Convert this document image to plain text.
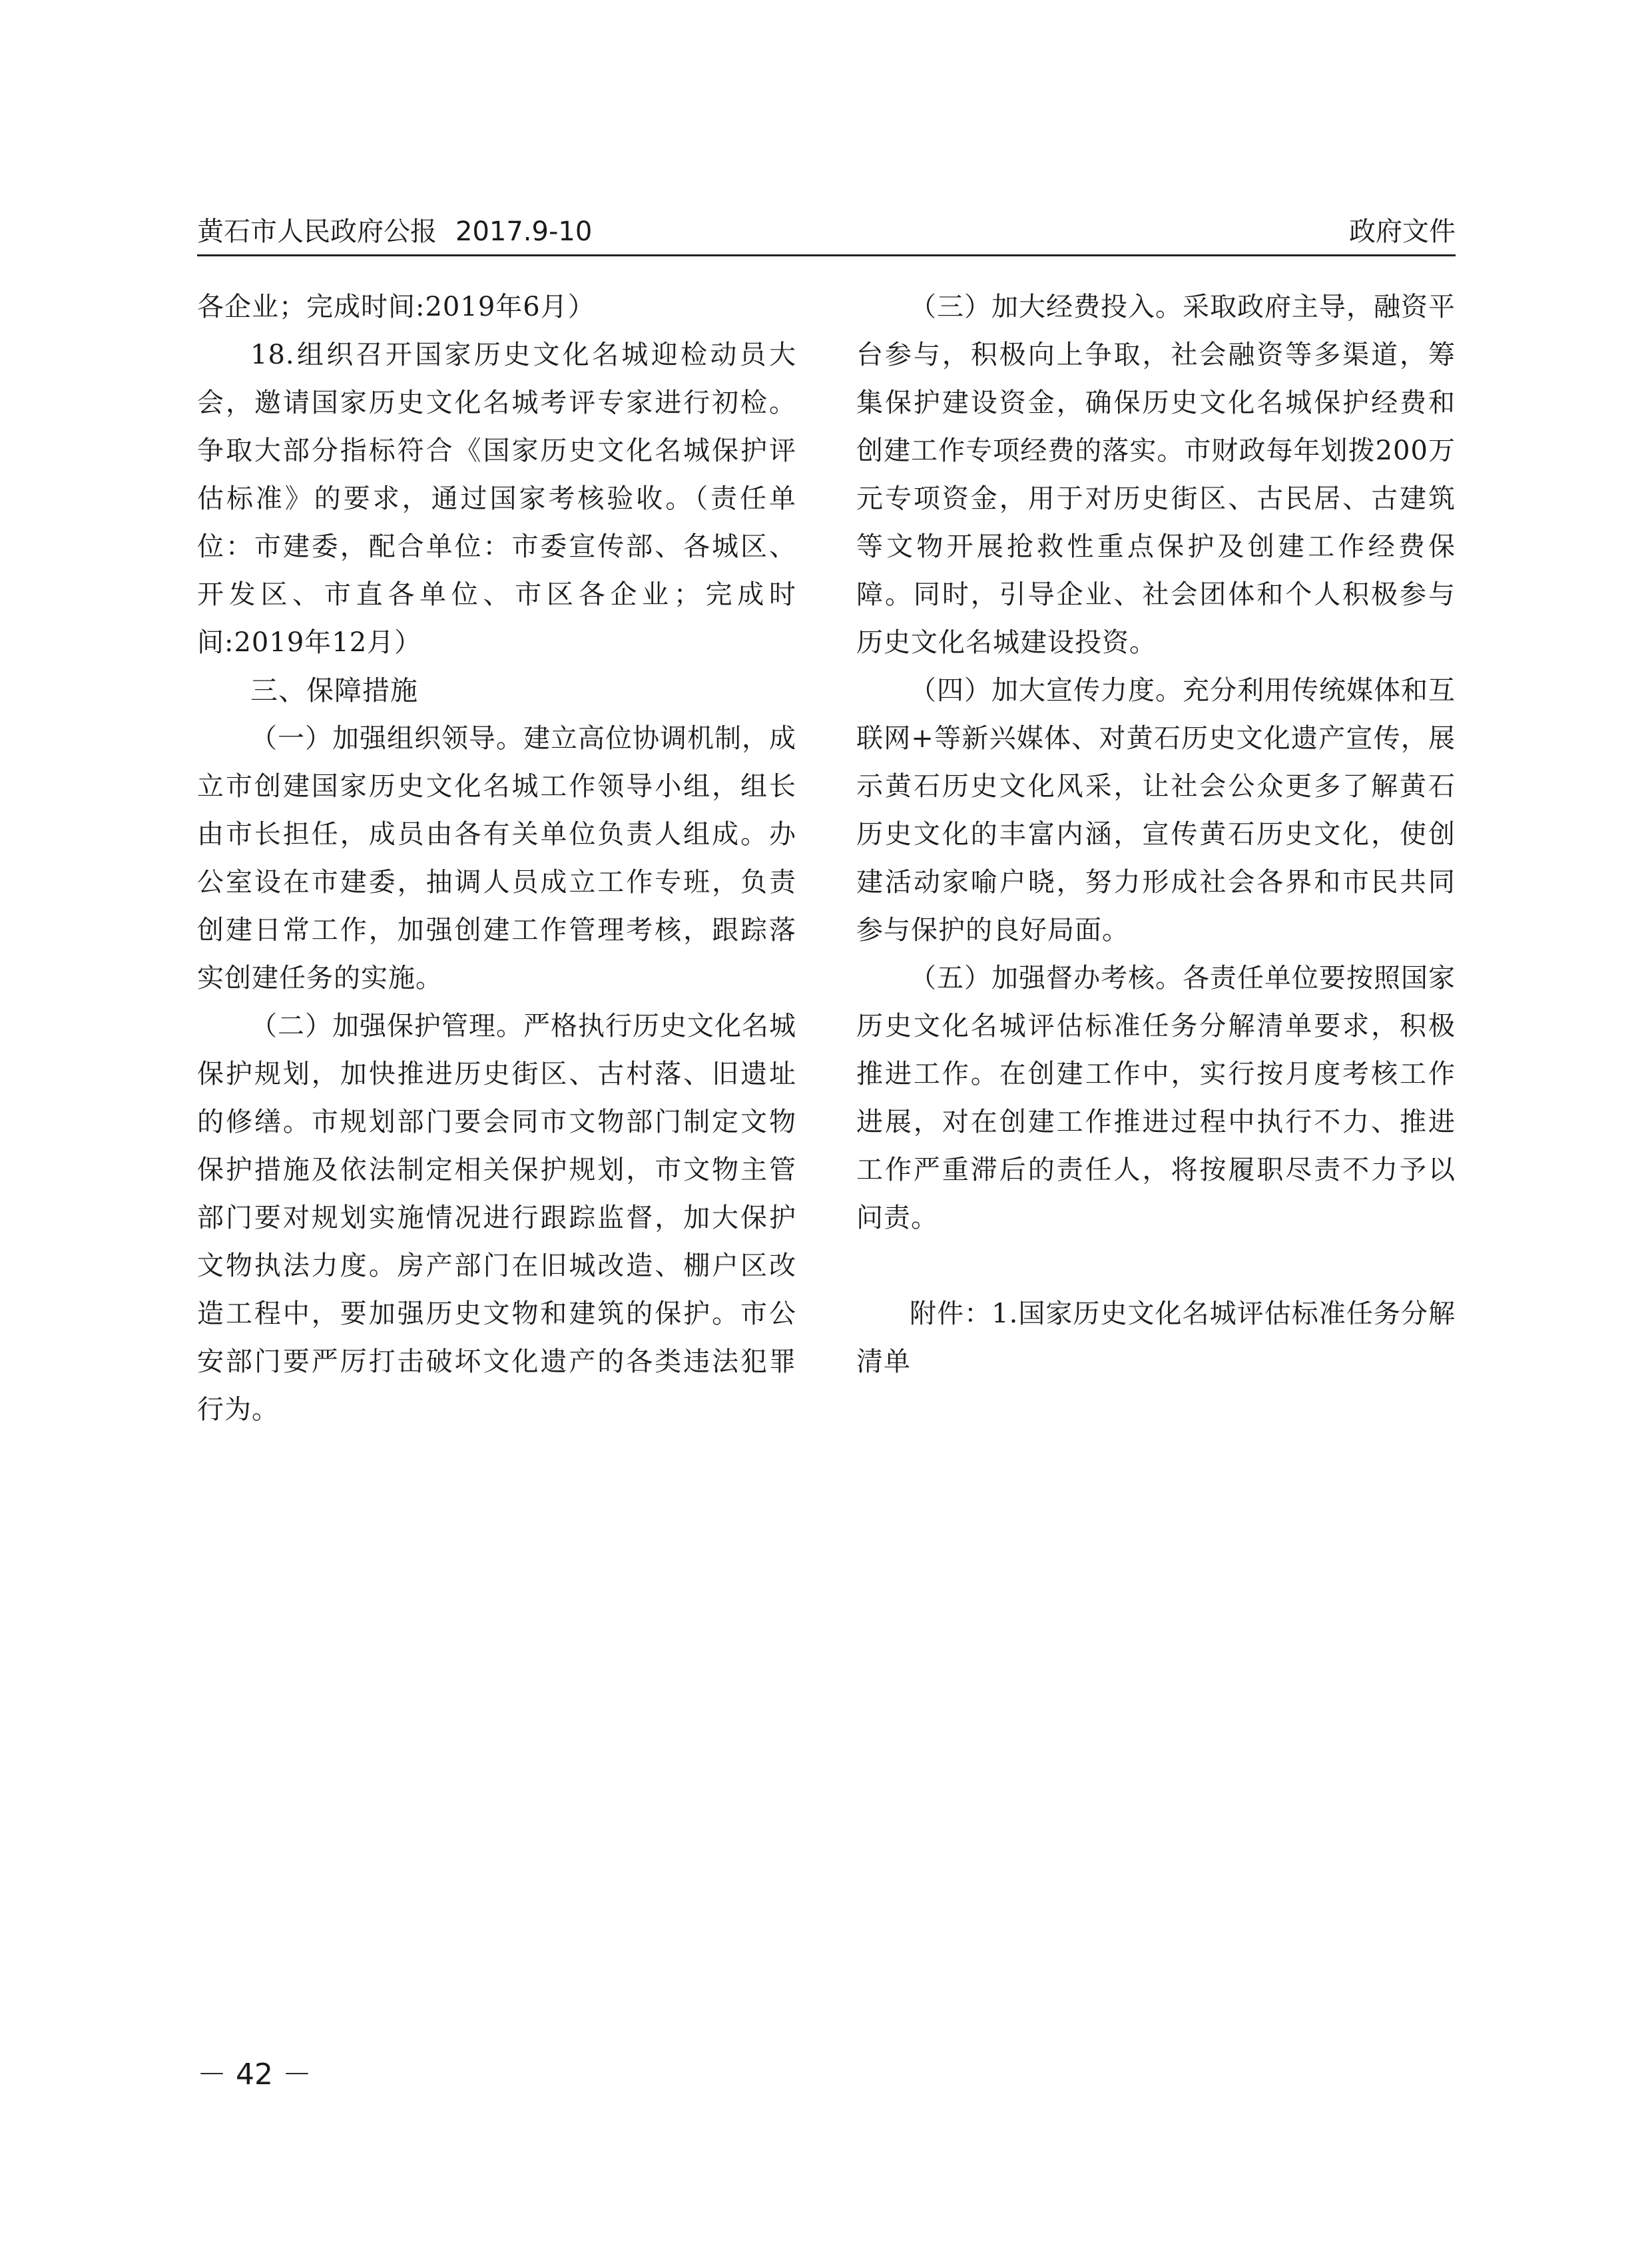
黄石市人民政府公报 2017.9-10	政府文件

各企业；完成时间:2019年6月）

18.组织召开国家历史文化名城迎检动员大会，邀请国家历史文化名城考评专家进行初检。争取大部分指标符合《国家历史文化名城保护评估标准》的要求，通过国家考核验收。（责任单位：市建委，配合单位：市委宣传部、各城区、开发区、市直各单位、市区各企业；完成时间:2019年12月）

三、保障措施

（一）加强组织领导。建立高位协调机制，成立市创建国家历史文化名城工作领导小组，组长由市长担任，成员由各有关单位负责人组成。办公室设在市建委，抽调人员成立工作专班，负责创建日常工作，加强创建工作管理考核，跟踪落实创建任务的实施。

（二）加强保护管理。严格执行历史文化名城保护规划，加快推进历史街区、古村落、旧遗址的修缮。市规划部门要会同市文物部门制定文物保护措施及依法制定相关保护规划，市文物主管部门要对规划实施情况进行跟踪监督，加大保护文物执法力度。房产部门在旧城改造、棚户区改造工程中，要加强历史文物和建筑的保护。市公安部门要严厉打击破坏文化遗产的各类违法犯罪行为。

（三）加大经费投入。采取政府主导，融资平台参与，积极向上争取，社会融资等多渠道，筹集保护建设资金，确保历史文化名城保护经费和创建工作专项经费的落实。市财政每年划拨200万元专项资金，用于对历史街区、古民居、古建筑等文物开展抢救性重点保护及创建工作经费保障。同时，引导企业、社会团体和个人积极参与历史文化名城建设投资。

（四）加大宣传力度。充分利用传统媒体和互联网+等新兴媒体、对黄石历史文化遗产宣传，展示黄石历史文化风采，让社会公众更多了解黄石历史文化的丰富内涵，宣传黄石历史文化，使创建活动家喻户晓，努力形成社会各界和市民共同参与保护的良好局面。

（五）加强督办考核。各责任单位要按照国家历史文化名城评估标准任务分解清单要求，积极推进工作。在创建工作中，实行按月度考核工作进展，对在创建工作推进过程中执行不力、推进工作严重滞后的责任人，将按履职尽责不力予以问责。

附件：1.国家历史文化名城评估标准任务分解清单

－ 42 －
